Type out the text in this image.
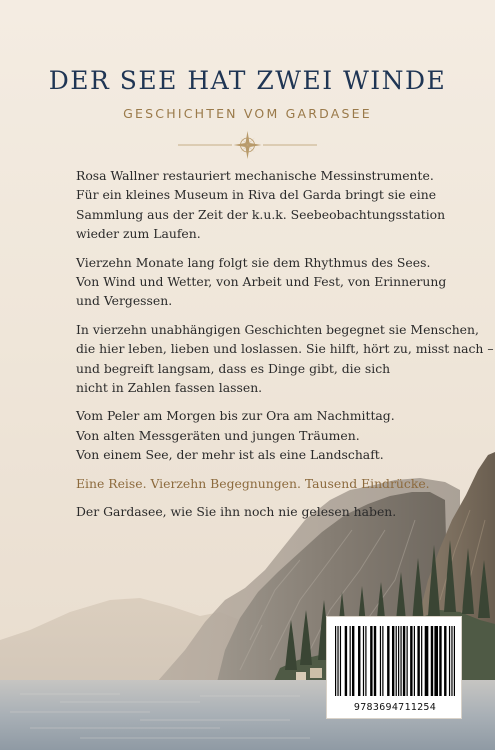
DER SEE HAT ZWEI WINDE

GESCHICHTEN VOM GARDASEE

Rosa Wallner restauriert mechanische Messinstrumente.
Für ein kleines Museum in Riva del Garda bringt sie eine
Sammlung aus der Zeit der k.u.k. Seebeobachtungsstation
wieder zum Laufen.

Vierzehn Monate lang folgt sie dem Rhythmus des Sees.
Von Wind und Wetter, von Arbeit und Fest, von Erinnerung
und Vergessen.

In vierzehn unabhängigen Geschichten begegnet sie Menschen,
die hier leben, lieben und loslassen. Sie hilft, hört zu, misst nach –
und begreift langsam, dass es Dinge gibt, die sich
nicht in Zahlen fassen lassen.

Vom Peler am Morgen bis zur Ora am Nachmittag.
Von alten Messgeräten und jungen Träumen.
Von einem See, der mehr ist als eine Landschaft.

Eine Reise. Vierzehn Begegnungen. Tausend Eindrücke.

Der Gardasee, wie Sie ihn noch nie gelesen haben.

9783694711254
